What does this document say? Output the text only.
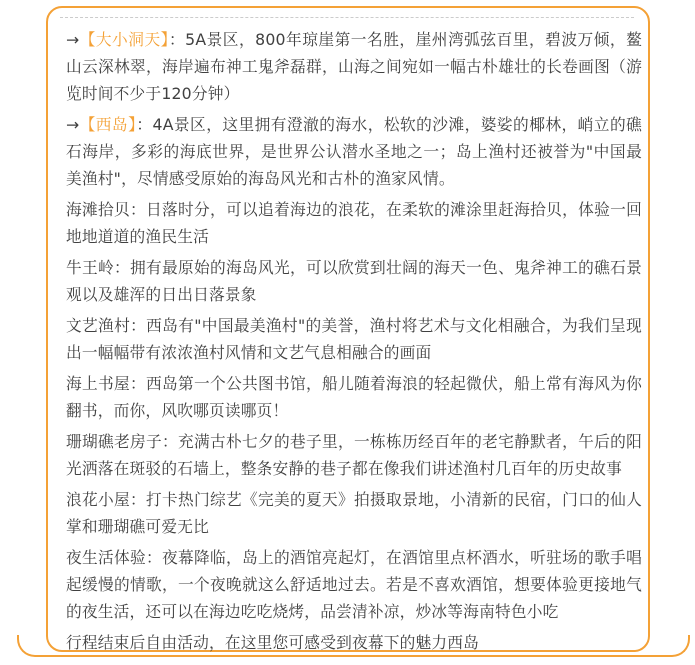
→【大小洞天】：5A景区，800年琼崖第一名胜，崖州湾弧弦百里，碧波万倾，鳌山云深林翠，海岸遍布神工鬼斧磊群，山海之间宛如一幅古朴雄壮的长卷画图（游览时间不少于120分钟）

→【西岛】：4A景区，这里拥有澄澈的海水，松软的沙滩，婆娑的椰林，峭立的礁石海岸，多彩的海底世界，是世界公认潜水圣地之一；岛上渔村还被誉为"中国最美渔村"，尽情感受原始的海岛风光和古朴的渔家风情。

海滩拾贝：日落时分，可以追着海边的浪花，在柔软的滩涂里赶海拾贝，体验一回地地道道的渔民生活

牛王岭：拥有最原始的海岛风光，可以欣赏到壮阔的海天一色、鬼斧神工的礁石景观以及雄浑的日出日落景象

文艺渔村：西岛有"中国最美渔村"的美誉，渔村将艺术与文化相融合，为我们呈现出一幅幅带有浓浓渔村风情和文艺气息相融合的画面

海上书屋：西岛第一个公共图书馆，船儿随着海浪的轻起微伏，船上常有海风为你翻书，而你，风吹哪页读哪页！

珊瑚礁老房子：充满古朴七夕的巷子里，一栋栋历经百年的老宅静默者，午后的阳光洒落在斑驳的石墙上，整条安静的巷子都在像我们讲述渔村几百年的历史故事

浪花小屋：打卡热门综艺《完美的夏天》拍摄取景地，小清新的民宿，门口的仙人掌和珊瑚礁可爱无比

夜生活体验：夜幕降临，岛上的酒馆亮起灯，在酒馆里点杯酒水，听驻场的歌手唱起缓慢的情歌，一个夜晚就这么舒适地过去。若是不喜欢酒馆，想要体验更接地气的夜生活，还可以在海边吃吃烧烤，品尝清补凉，炒冰等海南特色小吃

行程结束后自由活动，在这里您可感受到夜幕下的魅力西岛
